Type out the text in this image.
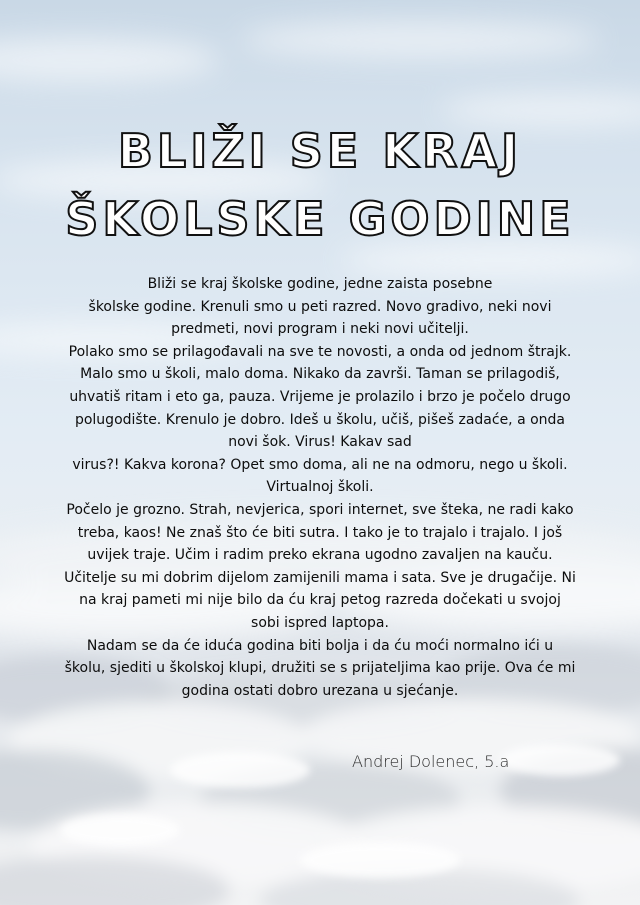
BLIŽI SE KRAJ
ŠKOLSKE GODINE
Bliži se kraj školske godine, jedne zaista posebne
školske godine. Krenuli smo u peti razred. Novo gradivo, neki novi
predmeti, novi program i neki novi učitelji.
Polako smo se prilagođavali na sve te novosti, a onda od jednom štrajk.
Malo smo u školi, malo doma. Nikako da završi. Taman se prilagodiš,
uhvatiš ritam i eto ga, pauza. Vrijeme je prolazilo i brzo je počelo drugo
polugodište. Krenulo je dobro. Ideš u školu, učiš, pišeš zadaće, a onda
novi šok. Virus! Kakav sad
virus?! Kakva korona? Opet smo doma, ali ne na odmoru, nego u školi.
Virtualnoj školi.
Počelo je grozno. Strah, nevjerica, spori internet, sve šteka, ne radi kako
treba, kaos! Ne znaš što će biti sutra. I tako je to trajalo i trajalo. I još
uvijek traje. Učim i radim preko ekrana ugodno zavaljen na kauču.
Učitelje su mi dobrim dijelom zamijenili mama i sata. Sve je drugačije. Ni
na kraj pameti mi nije bilo da ću kraj petog razreda dočekati u svojoj
sobi ispred laptopa.
Nadam se da će iduća godina biti bolja i da ću moći normalno ići u
školu, sjediti u školskoj klupi, družiti se s prijateljima kao prije. Ova će mi
godina ostati dobro urezana u sjećanje.
Andrej Dolenec, 5.a
